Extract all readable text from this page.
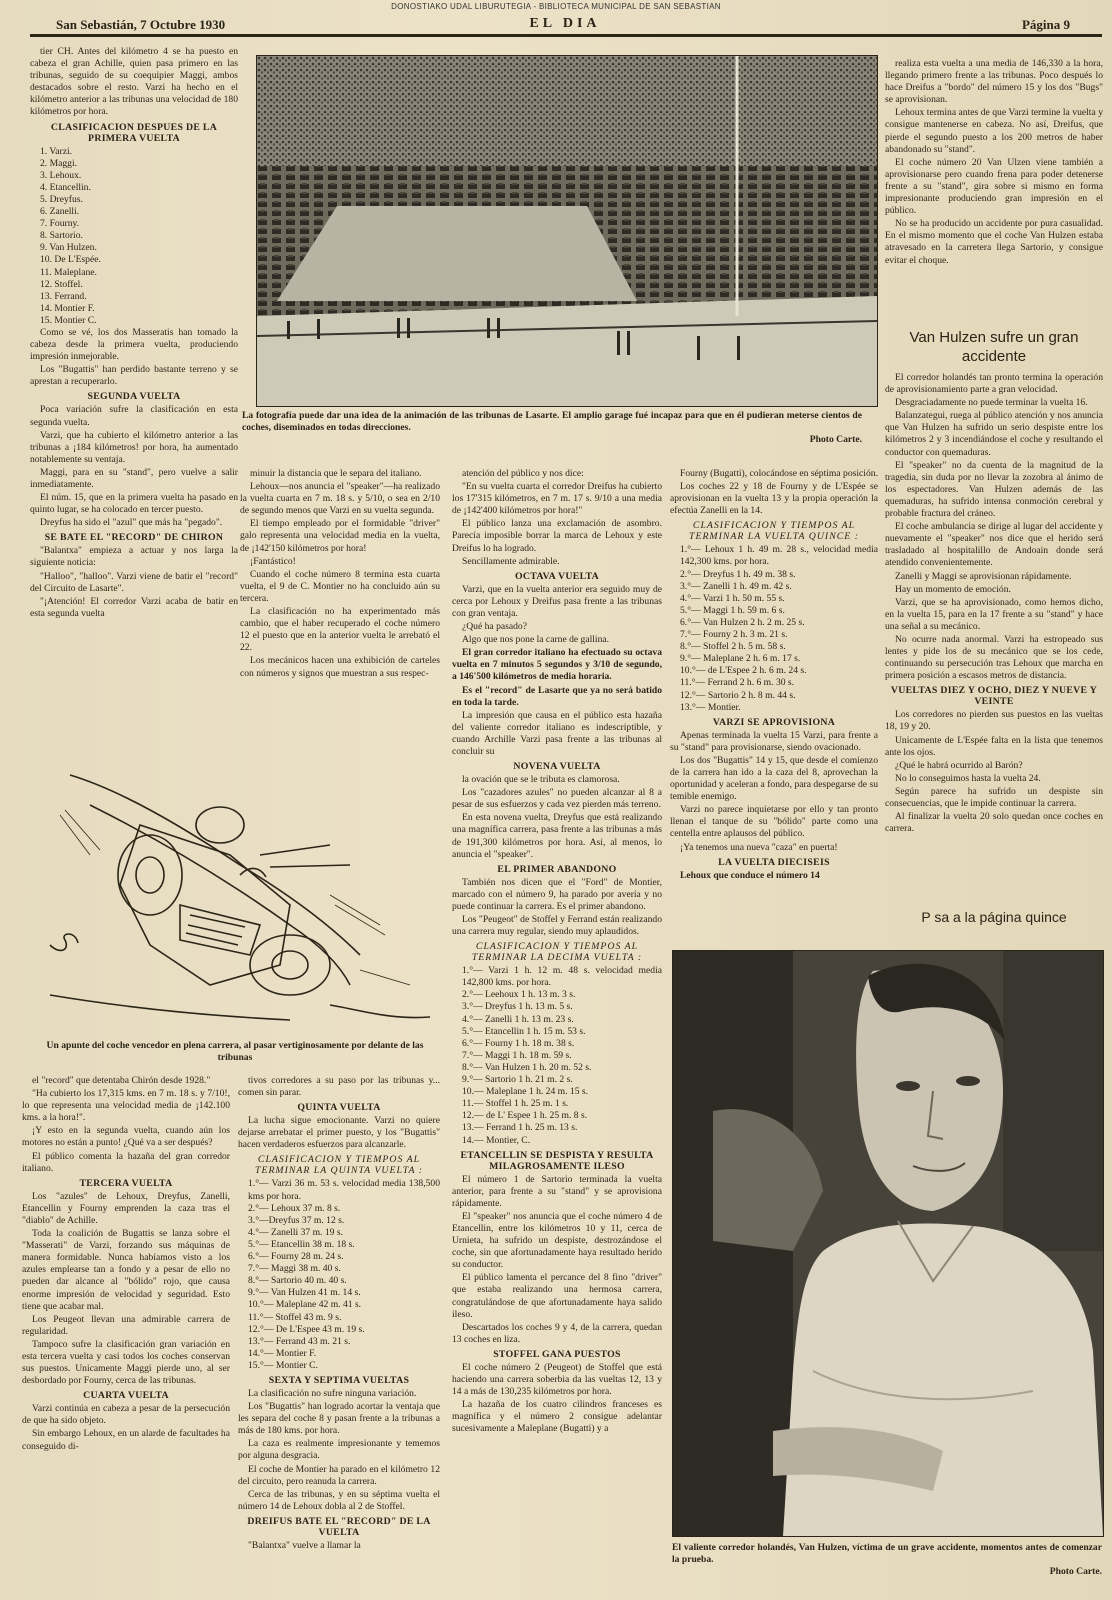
DONOSTIAKO UDAL LIBURUTEGIA - BIBLIOTECA MUNICIPAL DE SAN SEBASTIAN
San Sebastián, 7 Octubre 1930	EL DIA	Página 9

tier CH. Antes del kilómetro 4 se ha puesto en cabeza el gran Achille, quien pasa primero en las tribunas, seguido de su coequipier Maggi, ambos destacados sobre el resto. Varzi ha hecho en el kilómetro anterior a las tribunas una velocidad de 180 kilómetros por hora.

CLASIFICACION DESPUES DE LA PRIMERA VUELTA
1. Varzi.
2. Maggi.
3. Lehoux.
4. Etancellin.
5. Dreyfus.
6. Zanelli.
7. Fourny.
8. Sartorio.
9. Van Hulzen.
10. De L'Espée.
11. Maleplane.
12. Stoffel.
13. Ferrand.
14. Montier F.
15. Montier C.

Como se vé, los dos Masseratis han tomado la cabeza desde la primera vuelta, produciendo impresión inmejorable.

Los "Bugattis" han perdido bastante terreno y se aprestan a recuperarlo.

SEGUNDA VUELTA

Poca variación sufre la clasificación en esta segunda vuelta.

Varzi, que ha cubierto el kilómetro anterior a las tribunas a ¡184 kilómetros! por hora, ha aumentado notablemente su ventaja.

Maggi, para en su "stand", pero vuelve a salir inmediatamente.

El núm. 15, que en la primera vuelta ha pasado en quinto lugar, se ha colocado en tercer puesto.

Dreyfus ha sido el "azul" que más ha "pegado".

SE BATE EL "RECORD" DE CHIRON

"Balantxa" empieza a actuar y nos larga la siguiente noticia:

"Halloo", "halloo". Varzi viene de batir el "record" del Circuito de Lasarte".

"¡Atención! El corredor Varzi acaba de batir en esta segunda vuelta

La fotografía puede dar una idea de la animación de las tribunas de Lasarte. El amplio garage fué incapaz para que en él pudieran meterse cientos de coches, diseminados en todas direcciones.
Photo Carte.

minuir la distancia que le separa del italiano.

Lehoux—nos anuncia el "speaker"—ha realizado la vuelta cuarta en 7 m. 18 s. y 5/10, o sea en 2/10 de segundo menos que Varzi en su vuelta segunda.

El tiempo empleado por el formidable "driver" galo representa una velocidad media en la vuelta, de ¡142'150 kilómetros por hora!

¡Fantástico!

Cuando el coche número 8 termina esta cuarta vuelta, el 9 de C. Montier no ha concluido aún su tercera.

La clasificación no ha experimentado más cambio, que el haber recuperado el coche número 12 el puesto que en la anterior vuelta le arrebató el 22.

Los mecánicos hacen una exhibición de carteles con números y signos que muestran a sus respec-

atención del público y nos dice:

"En su vuelta cuarta el corredor Dreifus ha cubierto los 17'315 kilómetros, en 7 m. 17 s. 9/10 a una media de ¡142'400 kilómetros por hora!"

El público lanza una exclamación de asombro. Parecía imposible borrar la marca de Lehoux y este Dreifus lo ha logrado.

Sencillamente admirable.

OCTAVA VUELTA

Varzi, que en la vuelta anterior era seguido muy de cerca por Lehoux y Dreifus pasa frente a las tribunas con gran ventaja.

¿Qué ha pasado?

Algo que nos pone la carne de gallina.

El gran corredor italiano ha efectuado su octava vuelta en 7 minutos 5 segundos y 3/10 de segundo, a 146'500 kilómetros de media horaria.

Es el "record" de Lasarte que ya no será batido en toda la tarde.

La impresión que causa en el público esta hazaña del valiente corredor italiano es indescriptible, y cuando Archille Varzi pasa frente a las tribunas al concluir su

NOVENA VUELTA

la ovación que se le tributa es clamorosa.

Los "cazadores azules" no pueden alcanzar al 8 a pesar de sus esfuerzos y cada vez pierden más terreno.

En esta novena vuelta, Dreyfus que está realizando una magnífica carrera, pasa frente a las tribunas a más de 191,300 kilómetros por hora. Así, al menos, lo anuncia el "speaker".

EL PRIMER ABANDONO

También nos dicen que el "Ford" de Montier, marcado con el número 9, ha parado por avería y no puede continuar la carrera. Es el primer abandono.

Los "Peugeot" de Stoffel y Ferrand están realizando una carrera muy regular, siendo muy aplaudidos.

CLASIFICACION Y TIEMPOS AL TERMINAR LA DECIMA VUELTA :
1.°— Varzi 1 h. 12 m. 48 s. velocidad media 142,800 kms. por hora.
2.°— Leehoux 1 h. 13 m. 3 s.
3.°— Dreyfus 1 h. 13 m. 5 s.
4.°— Zanelli 1 h. 13 m. 23 s.
5.°— Etancellin 1 h. 15 m. 53 s.
6.°— Fourny 1 h. 18 m. 38 s.
7.°— Maggi 1 h. 18 m. 59 s.
8.°— Van Hulzen 1 h. 20 m. 52 s.
9.°— Sartorio 1 h. 21 m. 2 s.
10.— Maleplane 1 h. 24 m. 15 s.
11.— Stoffel 1 h. 25 m. 1 s.
12.— de L' Espee 1 h. 25 m. 8 s.
13.— Ferrand 1 h. 25 m. 13 s.
14.— Montier, C.
ETANCELLIN SE DESPISTA Y RESULTA MILAGROSAMENTE ILESO

El número 1 de Sartorio terminada la vuelta anterior, para frente a su "stand" y se aprovisiona rápidamente.

El "speaker" nos anuncia que el coche número 4 de Etancellin, entre los kilómetros 10 y 11, cerca de Urnieta, ha sufrido un despiste, destrozándose el coche, sin que afortunadamente haya resultado herido su conductor.

El público lamenta el percance del 8 fino "driver" que estaba realizando una hermosa carrera, congratulándose de que afortunadamente haya salido ileso.

Descartados los coches 9 y 4, de la carrera, quedan 13 coches en liza.

STOFFEL GANA PUESTOS

El coche número 2 (Peugeot) de Stoffel que está haciendo una carrera soberbia da las vueltas 12, 13 y 14 a más de 130,235 kilómetros por hora.

La hazaña de los cuatro cilindros franceses es magnífica y el número 2 consigue adelantar sucesivamente a Maleplane (Bugatti) y a

Fourny (Bugatti), colocándose en séptima posición.

Los coches 22 y 18 de Fourny y de L'Espée se aprovisionan en la vuelta 13 y la propia operación la efectúa Zanelli en la 14.

CLASIFICACION Y TIEMPOS AL TERMINAR LA VUELTA QUINCE :
1.°— Lehoux 1 h. 49 m. 28 s., velocidad media 142,300 kms. por hora.
2.°— Dreyfus 1 h. 49 m. 38 s.
3.°— Zanelli 1 h. 49 m. 42 s.
4.°— Varzi 1 h. 50 m. 55 s.
5.°— Maggi 1 h. 59 m. 6 s.
6.°— Van Hulzen 2 h. 2 m. 25 s.
7.°— Fourny 2 h. 3 m. 21 s.
8.°— Stoffel 2 h. 5 m. 58 s.
9.°— Maleplane 2 h. 6 m. 17 s.
10.°— de L'Espee 2 h. 6 m. 24 s.
11.°— Ferrand 2 h. 6 m. 30 s.
12.°— Sartorio 2 h. 8 m. 44 s.
13.°— Montier.
VARZI SE APROVISIONA

Apenas terminada la vuelta 15 Varzi, para frente a su "stand" para provisionarse, siendo ovacionado.

Los dos "Bugattis" 14 y 15, que desde el comienzo de la carrera han ido a la caza del 8, aprovechan la oportunidad y aceleran a fondo, para despegarse de su temible enemigo.

Varzi no parece inquietarse por ello y tan pronto llenan el tanque de su "bólido" parte como una centella entre aplausos del público.

¡Ya tenemos una nueva "caza" en puerta!

LA VUELTA DIECISEIS

Lehoux que conduce el número 14

realiza esta vuelta a una media de 146,330 a la hora, llegando primero frente a las tribunas. Poco después lo hace Dreifus a "bordo" del número 15 y los dos "Bugs" se aprovisionan.

Lehoux termina antes de que Varzi termine la vuelta y consigue mantenerse en cabeza. No así, Dreifus, que pierde el segundo puesto a los 200 metros de haber abandonado su "stand".

El coche número 20 Van Ulzen viene también a aprovisionarse pero cuando frena para poder detenerse frente a su "stand", gira sobre si mismo en forma impresionante produciendo gran impresión en el público.

No se ha producido un accidente por pura casualidad. En el mismo momento que el coche Van Hulzen estaba atravesado en la carretera llega Sartorio, y consigue evitar el choque.

Van Hulzen sufre un gran accidente

El corredor holandés tan pronto termina la operación de aprovisionamiento parte a gran velocidad.

Desgraciadamente no puede terminar la vuelta 16.

Balanzategui, ruega al público atención y nos anuncia que Van Hulzen ha sufrido un serio despiste entre los kilómetros 2 y 3 incendiándose el coche y resultando el conductor con quemaduras.

El "speaker" no da cuenta de la magnitud de la tragedia, sin duda por no llevar la zozobra al ánimo de los espectadores. Van Hulzen además de las quemaduras, ha sufrido intensa conmoción cerebral y probable fractura del cráneo.

El coche ambulancia se dirige al lugar del accidente y nuevamente el "speaker" nos dice que el herido será trasladado al hospitalillo de Andoain donde será atendido convenientemente.

Zanelli y Maggi se aprovisionan rápidamente.

Hay un momento de emoción.

Varzi, que se ha aprovisionado, como hemos dicho, en la vuelta 15, para en la 17 frente a su "stand" y hace una señal a su mecánico.

No ocurre nada anormal. Varzi ha estropeado sus lentes y pide los de su mecánico que se los cede, continuando su persecución tras Lehoux que marcha en primera posición a escasos metros de distancia.

VUELTAS DIEZ Y OCHO, DIEZ Y NUEVE Y VEINTE

Los corredores no pierden sus puestos en las vueltas 18, 19 y 20.

Unicamente de L'Espée falta en la lista que tenemos ante los ojos.

¿Qué le habrá ocurrido al Barón?

No lo conseguimos hasta la vuelta 24.

Según parece ha sufrido un despiste sin consecuencias, que le impide continuar la carrera.

Al finalizar la vuelta 20 solo quedan once coches en carrera.

P sa a la página quince
Un apunte del coche vencedor en plena carrera, al pasar vertiginosamente por delante de las tribunas

el "record" que detentaba Chirón desde 1928."

"Ha cubierto los 17,315 kms. en 7 m. 18 s. y 7/10!, lo que representa una velocidad media de ¡142.100 kms. a la hora!".

¡Y esto en la segunda vuelta, cuando aún los motores no están a punto! ¿Qué va a ser después?

El público comenta la hazaña del gran corredor italiano.

TERCERA VUELTA

Los "azules" de Lehoux, Dreyfus, Zanelli, Etancellin y Fourny emprenden la caza tras el "diablo" de Achille.

Toda la coalición de Bugattis se lanza sobre el "Masserati" de Varzi, forzando sus máquinas de manera formidable. Nunca habíamos visto a los azules emplearse tan a fondo y a pesar de ello no pueden dar alcance al "bólido" rojo, que causa enorme impresión de velocidad y seguridad. Esto tiene que acabar mal.

Los Peugeot llevan una admirable carrera de regularidad.

Tampoco sufre la clasificación gran variación en esta tercera vuelta y casi todos los coches conservan sus puestos. Unicamente Maggi pierde uno, al ser desbordado por Fourny, cerca de las tribunas.

CUARTA VUELTA

Varzi continúa en cabeza a pesar de la persecución de que ha sido objeto.

Sin embargo Lehoux, en un alarde de facultades ha conseguido di-

tivos corredores a su paso por las tribunas y... comen sin parar.

QUINTA VUELTA

La lucha sigue emocionante. Varzi no quiere dejarse arrebatar el primer puesto, y los "Bugattis" hacen verdaderos esfuerzos para alcanzarle.

CLASIFICACION Y TIEMPOS AL TERMINAR LA QUINTA VUELTA :
1.°— Varzi 36 m. 53 s. velocidad media 138,500 kms por hora.
2.°— Lehoux 37 m. 8 s.
3.°—Dreyfus 37 m. 12 s.
4.°— Zanelli 37 m. 19 s.
5.°— Etancellin 38 m. 18 s.
6.°— Fourny 28 m. 24 s.
7.°— Maggi 38 m. 40 s.
8.°— Sartorio 40 m. 40 s.
9.°— Van Hulzen 41 m. 14 s.
10.°— Maleplane 42 m. 41 s.
11.°— Stoffel 43 m. 9 s.
12.°— De L'Espee 43 m. 19 s.
13.°— Ferrand 43 m. 21 s.
14.°— Montier F.
15.°— Montier C.
SEXTA Y SEPTIMA VUELTAS

La clasificación no sufre ninguna variación.

Los "Bugattis" han logrado acortar la ventaja que les separa del coche 8 y pasan frente a la tribunas a más de 180 kms. por hora.

La caza es realmente impresionante y tememos por alguna desgracia.

El coche de Montier ha parado en el kilómetro 12 del circuito, pero reanuda la carrera.

Cerca de las tribunas, y en su séptima vuelta el número 14 de Lehoux dobla al 2 de Stoffel.

DREIFUS BATE EL "RECORD" DE LA VUELTA

"Balantxa" vuelve a llamar la	El valiente corredor holandés, Van Hulzen, víctima de un grave accidente, momentos antes de comenzar la prueba.
Photo Carte.
